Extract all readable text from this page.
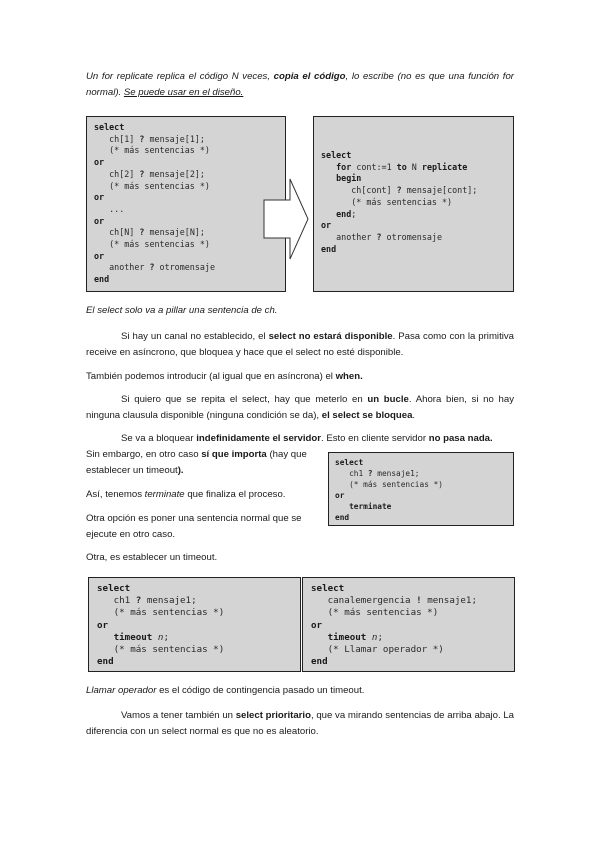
Un for replicate replica el código N veces, copia el código, lo escribe (no es que una función for normal). Se puede usar en el diseño.

select
ch[1] ? mensaje[1];
(* más sentencias *)
or
ch[2] ? mensaje[2];
(* más sentencias *)
or
...
or
ch[N] ? mensaje[N];
(* más sentencias *)
or
another ? otromensaje
end
select
for cont:=1 to N replicate
begin
ch[cont] ? mensaje[cont];
(* más sentencias *)
end;
or
another ? otromensaje
end

El select solo va a pillar una sentencia de ch.

Si hay un canal no establecido, el select no estará disponible. Pasa como con la primitiva receive en asíncrono, que bloquea y hace que el select no esté disponible.

También podemos introducir (al igual que en asíncrona) el when.

Si quiero que se repita el select, hay que meterlo en un bucle. Ahora bien, si no hay ninguna clausula disponible (ninguna condición se da), el select se bloquea.

Se va a bloquear indefinidamente el servidor. Esto en cliente servidor no pasa nada.

Sin embargo, en otro caso sí que importa (hay que establecer un timeout).

select
ch1 ? mensaje1;
(* más sentencias *)
or
terminate
end

Así, tenemos terminate que finaliza el proceso.

Otra opción es poner una sentencia normal que se ejecute en otro caso.

Otra, es establecer un timeout.

select
ch1 ? mensaje1;
(* más sentencias *)
or
timeout n;
(* más sentencias *)
end
select
canalemergencia ! mensaje1;
(* más sentencias *)
or
timeout n;
(* Llamar operador *)
end

Llamar operador es el código de contingencia pasado un timeout.

Vamos a tener también un select prioritario, que va mirando sentencias de arriba abajo. La diferencia con un select normal es que no es aleatorio.
